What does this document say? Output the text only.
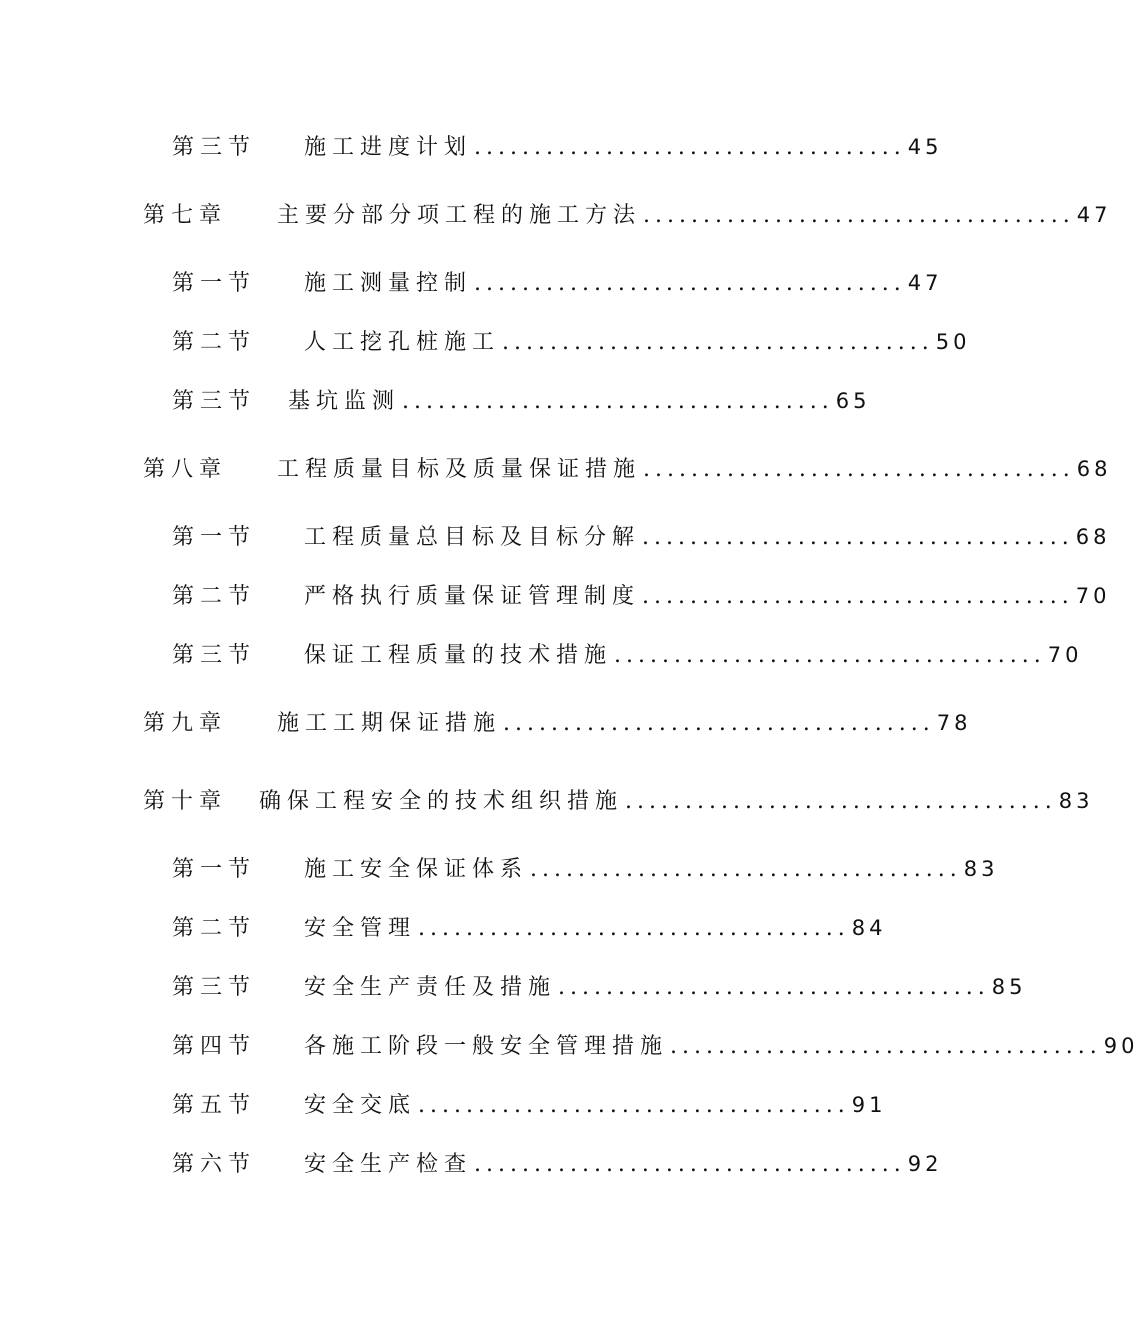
第三节	施工进度计划 .................................... 45
第七章	主要分部分项工程的施工方法 .................................... 47
第一节	施工测量控制 .................................... 47
第二节	人工挖孔桩施工 .................................... 50
第三节	基坑监测 .................................... 65
第八章	工程质量目标及质量保证措施 .................................... 68
第一节	工程质量总目标及目标分解 .................................... 68
第二节	严格执行质量保证管理制度 .................................... 70
第三节	保证工程质量的技术措施 .................................... 70
第九章	施工工期保证措施 .................................... 78
第十章	确保工程安全的技术组织措施 .................................... 83
第一节	施工安全保证体系 .................................... 83
第二节	安全管理 .................................... 84
第三节	安全生产责任及措施 .................................... 85
第四节	各施工阶段一般安全管理措施 .................................... 90
第五节	安全交底 .................................... 91
第六节	安全生产检查 .................................... 92
